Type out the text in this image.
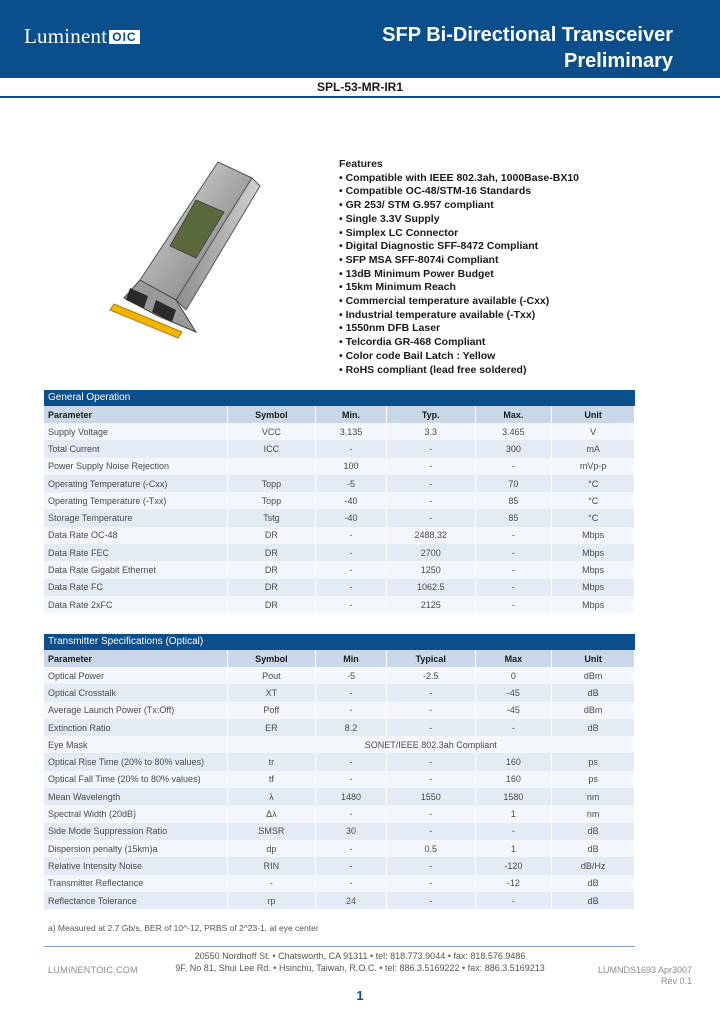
Luminent OIC	SFP Bi-Directional Transceiver
Preliminary
SPL-53-MR-IR1
Features
• Compatible with IEEE 802.3ah, 1000Base-BX10
• Compatible OC-48/STM-16 Standards
• GR 253/ STM G.957 compliant
• Single 3.3V Supply
• Simplex LC Connector
• Digital Diagnostic SFF-8472 Compliant
• SFP MSA SFF-8074i Compliant
• 13dB Minimum Power Budget
• 15km Minimum Reach
• Commercial temperature available (-Cxx)
• Industrial temperature available (-Txx)
• 1550nm DFB Laser
• Telcordia GR-468 Compliant
• Color code Bail Latch : Yellow
• RoHS compliant (lead free soldered)
General Operation
Parameter	Symbol	Min.	Typ.	Max.	Unit
Supply Voltage	VCC	3.135	3.3	3.465	V
Total Current	ICC	-	-	300	mA
Power Supply Noise Rejection		100	-	-	mVp-p
Operating Temperature (-Cxx)	Topp	-5	-	70	°C
Operating Temperature (-Txx)	Topp	-40	-	85	°C
Storage Temperature	Tstg	-40	-	85	°C
Data Rate OC-48	DR	-	2488.32	-	Mbps
Data Rate FEC	DR	-	2700	-	Mbps
Data Rate Gigabit Ethernet	DR	-	1250	-	Mbps
Data Rate FC	DR	-	1062.5	-	Mbps
Data Rate 2xFC	DR	-	2125	-	Mbps
Transmitter Specifications (Optical)
Parameter	Symbol	Min	Typical	Max	Unit
Optical Power	Pout	-5	-2.5	0	dBm
Optical Crosstalk	XT	-	-	-45	dB
Average Launch Power (Tx:Off)	Poff	-	-	-45	dBm
Extinction Ratio	ER	8.2	-	-	dB
Eye Mask	SONET/IEEE 802.3ah Compliant				
Optical Rise Time (20% to 80% values)	tr	-	-	160	ps
Optical Fall Time (20% to 80% values)	tf	-	-	160	ps
Mean Wavelength	λ	1480	1550	1580	nm
Spectral Width (20dB)	Δλ	-	-	1	nm
Side Mode Suppression Ratio	SMSR	30	-	-	dB
Dispersion penalty (15km)a	dp	-	0.5	1	dB
Relative Intensity Noise	RIN	-	-	-120	dB/Hz
Transmitter Reflectance	-	-	-	-12	dB
Reflectance Tolerance	rp	24	-	-	dB
a) Measured at 2.7 Gb/s, BER of 10^-12, PRBS of 2^23-1, at eye center
LUMINENTOIC.COM
20550 Nordhoff St. • Chatsworth, CA 91311 • tel: 818.773.9044 • fax: 818.576.9486
9F, No 81, Shui Lee Rd. • Hsinchu, Taiwan, R.O.C. • tel: 886.3.5169222 • fax: 886.3.5169213	LUMNDS1693 Apr3007
Rev 0.1
1
